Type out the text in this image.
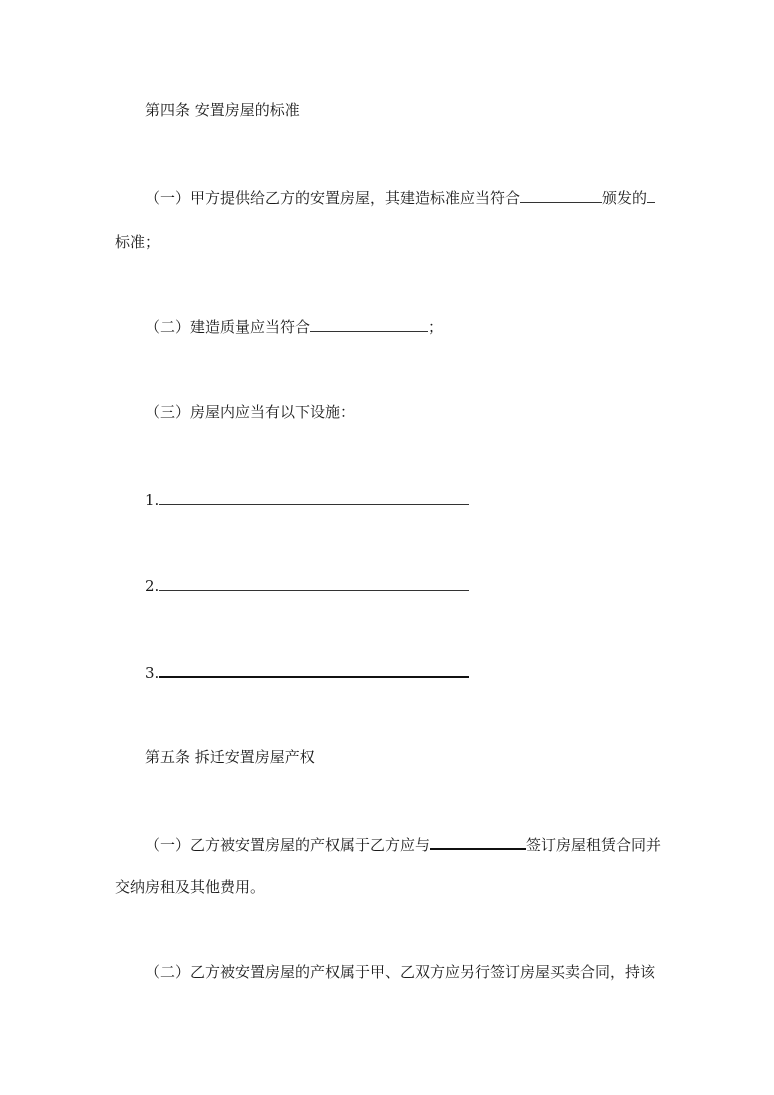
第四条 安置房屋的标准
（一）甲方提供给乙方的安置房屋，其建造标准应当符合	颁发的
标准；
（二）建造质量应当符合	；
（三）房屋内应当有以下设施：
1.
2.
3.
第五条 拆迁安置房屋产权
（一）乙方被安置房屋的产权属于乙方应与	签订房屋租赁合同并
交纳房租及其他费用。
（二）乙方被安置房屋的产权属于甲、乙双方应另行签订房屋买卖合同，持该
